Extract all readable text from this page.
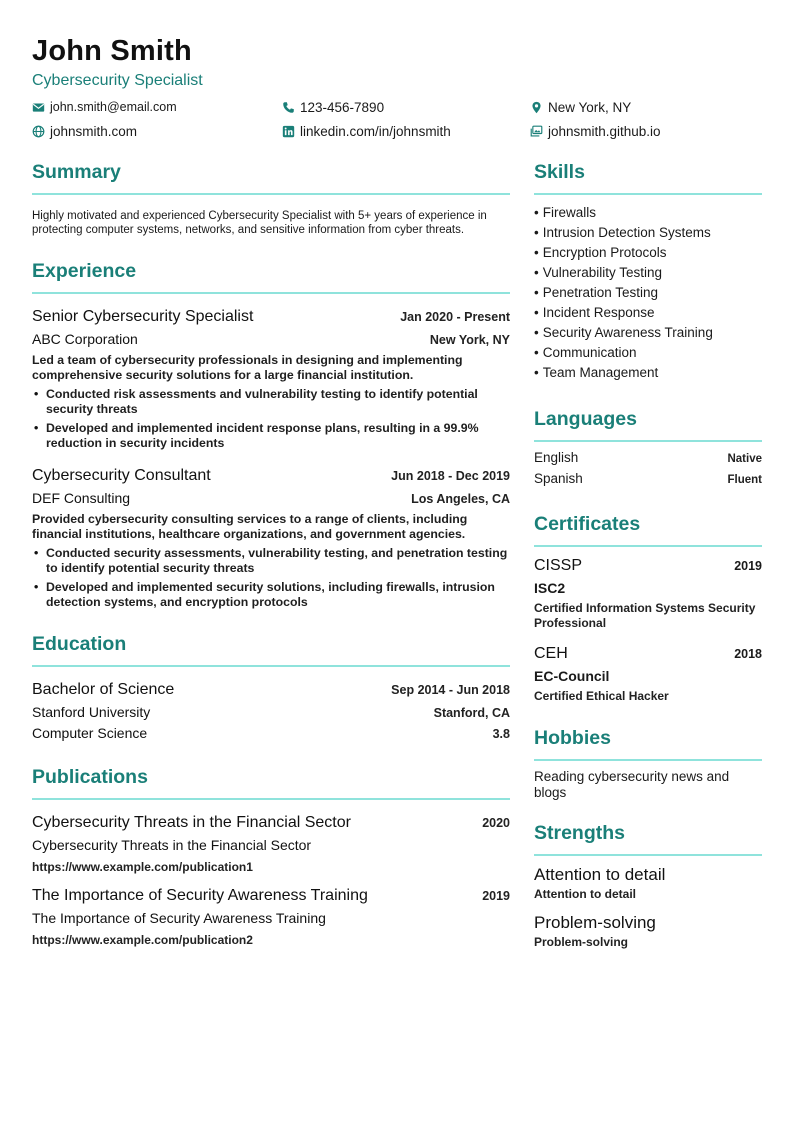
John Smith
Cybersecurity Specialist
john.smith@email.com	123-456-7890	New York, NY
johnsmith.com	linkedin.com/in/johnsmith	johnsmith.github.io
Summary
Highly motivated and experienced Cybersecurity Specialist with 5+ years of experience in protecting computer systems, networks, and sensitive information from cyber threats.
Experience
Senior Cybersecurity Specialist	Jan 2020 - Present
ABC Corporation	New York, NY
Led a team of cybersecurity professionals in designing and implementing comprehensive security solutions for a large financial institution.
• Conducted risk assessments and vulnerability testing to identify potential security threats
• Developed and implemented incident response plans, resulting in a 99.9% reduction in security incidents
Cybersecurity Consultant	Jun 2018 - Dec 2019
DEF Consulting	Los Angeles, CA
Provided cybersecurity consulting services to a range of clients, including financial institutions, healthcare organizations, and government agencies.
• Conducted security assessments, vulnerability testing, and penetration testing to identify potential security threats
• Developed and implemented security solutions, including firewalls, intrusion detection systems, and encryption protocols
Education
Bachelor of Science	Sep 2014 - Jun 2018
Stanford University	Stanford, CA
Computer Science	3.8
Publications
Cybersecurity Threats in the Financial Sector	2020
Cybersecurity Threats in the Financial Sector
https://www.example.com/publication1
The Importance of Security Awareness Training	2019
The Importance of Security Awareness Training
https://www.example.com/publication2
Skills
• Firewalls
• Intrusion Detection Systems
• Encryption Protocols
• Vulnerability Testing
• Penetration Testing
• Incident Response
• Security Awareness Training
• Communication
• Team Management
Languages
English	Native
Spanish	Fluent
Certificates
CISSP	2019
ISC2
Certified Information Systems Security Professional
CEH	2018
EC-Council
Certified Ethical Hacker
Hobbies
Reading cybersecurity news and blogs
Strengths
Attention to detail
Attention to detail
Problem-solving
Problem-solving
